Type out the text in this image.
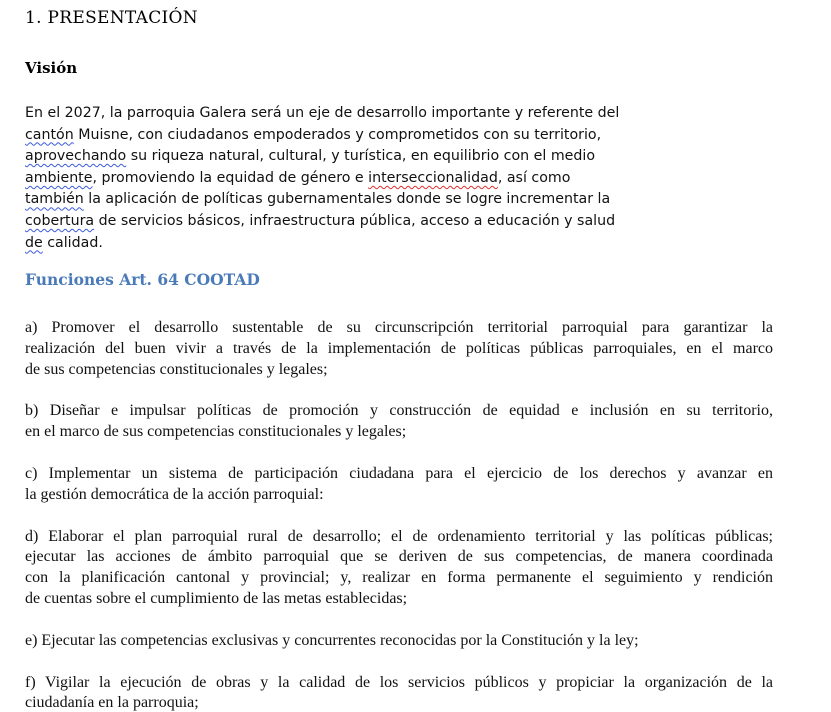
1. PRESENTACIÓN
Visión

En el 2027, la parroquia Galera será un eje de desarrollo importante y referente del
cantón Muisne, con ciudadanos empoderados y comprometidos con su territorio,
aprovechando su riqueza natural, cultural, y turística, en equilibrio con el medio
ambiente, promoviendo la equidad de género e interseccionalidad, así como
también la aplicación de políticas gubernamentales donde se logre incrementar la
cobertura de servicios básicos, infraestructura pública, acceso a educación y salud
de calidad.

Funciones Art. 64 COOTAD

a) Promover el desarrollo sustentable de su circunscripción territorial parroquial para garantizar la
realización del buen vivir a través de la implementación de políticas públicas parroquiales, en el marco
de sus competencias constitucionales y legales;

b) Diseñar e impulsar políticas de promoción y construcción de equidad e inclusión en su territorio,
en el marco de sus competencias constitucionales y legales;

c) Implementar un sistema de participación ciudadana para el ejercicio de los derechos y avanzar en
la gestión democrática de la acción parroquial:

d) Elaborar el plan parroquial rural de desarrollo; el de ordenamiento territorial y las políticas públicas;
ejecutar las acciones de ámbito parroquial que se deriven de sus competencias, de manera coordinada
con la planificación cantonal y provincial; y, realizar en forma permanente el seguimiento y rendición
de cuentas sobre el cumplimiento de las metas establecidas;

e) Ejecutar las competencias exclusivas y concurrentes reconocidas por la Constitución y la ley;

f) Vigilar la ejecución de obras y la calidad de los servicios públicos y propiciar la organización de la
ciudadanía en la parroquia;
